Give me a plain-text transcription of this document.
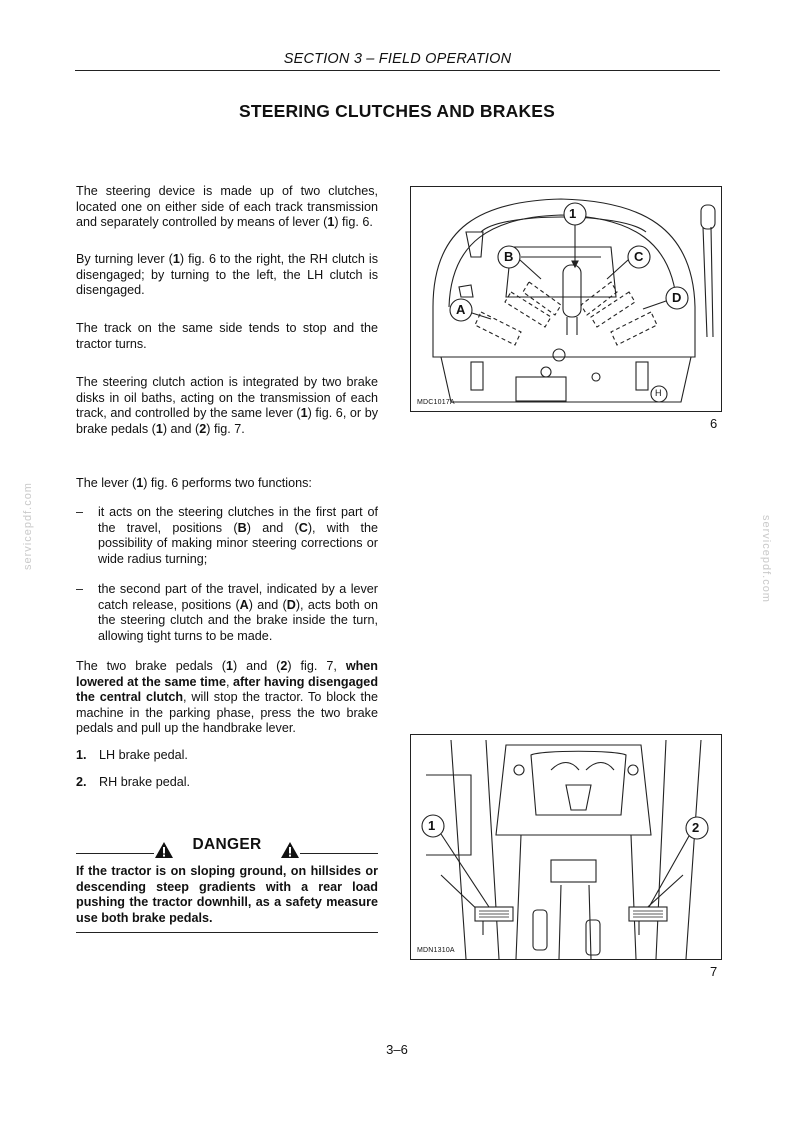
SECTION 3 – FIELD OPERATION
STEERING CLUTCHES AND BRAKES

The steering device is made up of two clutches, located one on either side of each track transmission and separately controlled by means of lever (1) fig. 6.

By turning lever (1) fig. 6 to the right, the RH clutch is disengaged; by turning to the left, the LH clutch is disengaged.

The track on the same side tends to stop and the tractor turns.

The steering clutch action is integrated by two brake disks in oil baths, acting on the transmission of each track, and controlled by the same lever (1) fig. 6, or by brake pedals (1) and (2) fig. 7.

The lever (1) fig. 6 performs two functions:

– it acts on the steering clutches in the first part of the travel, positions (B) and (C), with the possibility of making minor steering corrections or wide radius turning;
– the second part of the travel, indicated by a lever catch release, positions (A) and (D), acts both on the steering clutch and the brake inside the turn, allowing tight turns to be made.

The two brake pedals (1) and (2) fig. 7, when lowered at the same time, after having disengaged the central clutch, will stop the tractor. To block the machine in the parking phase, press the two brake pedals and pull up the handbrake lever.

1. LH brake pedal.
2. RH brake pedal.
DANGER
If the tractor is on sloping ground, on hillsides or descending steep gradients with a rear load pushing the tractor downhill, as a safety measure use both brake pedals.
1
A
B	C
D
H
MDC1017A
6
1	2
MDN1310A
7
servicepdf.com	servicepdf.com
3–6
